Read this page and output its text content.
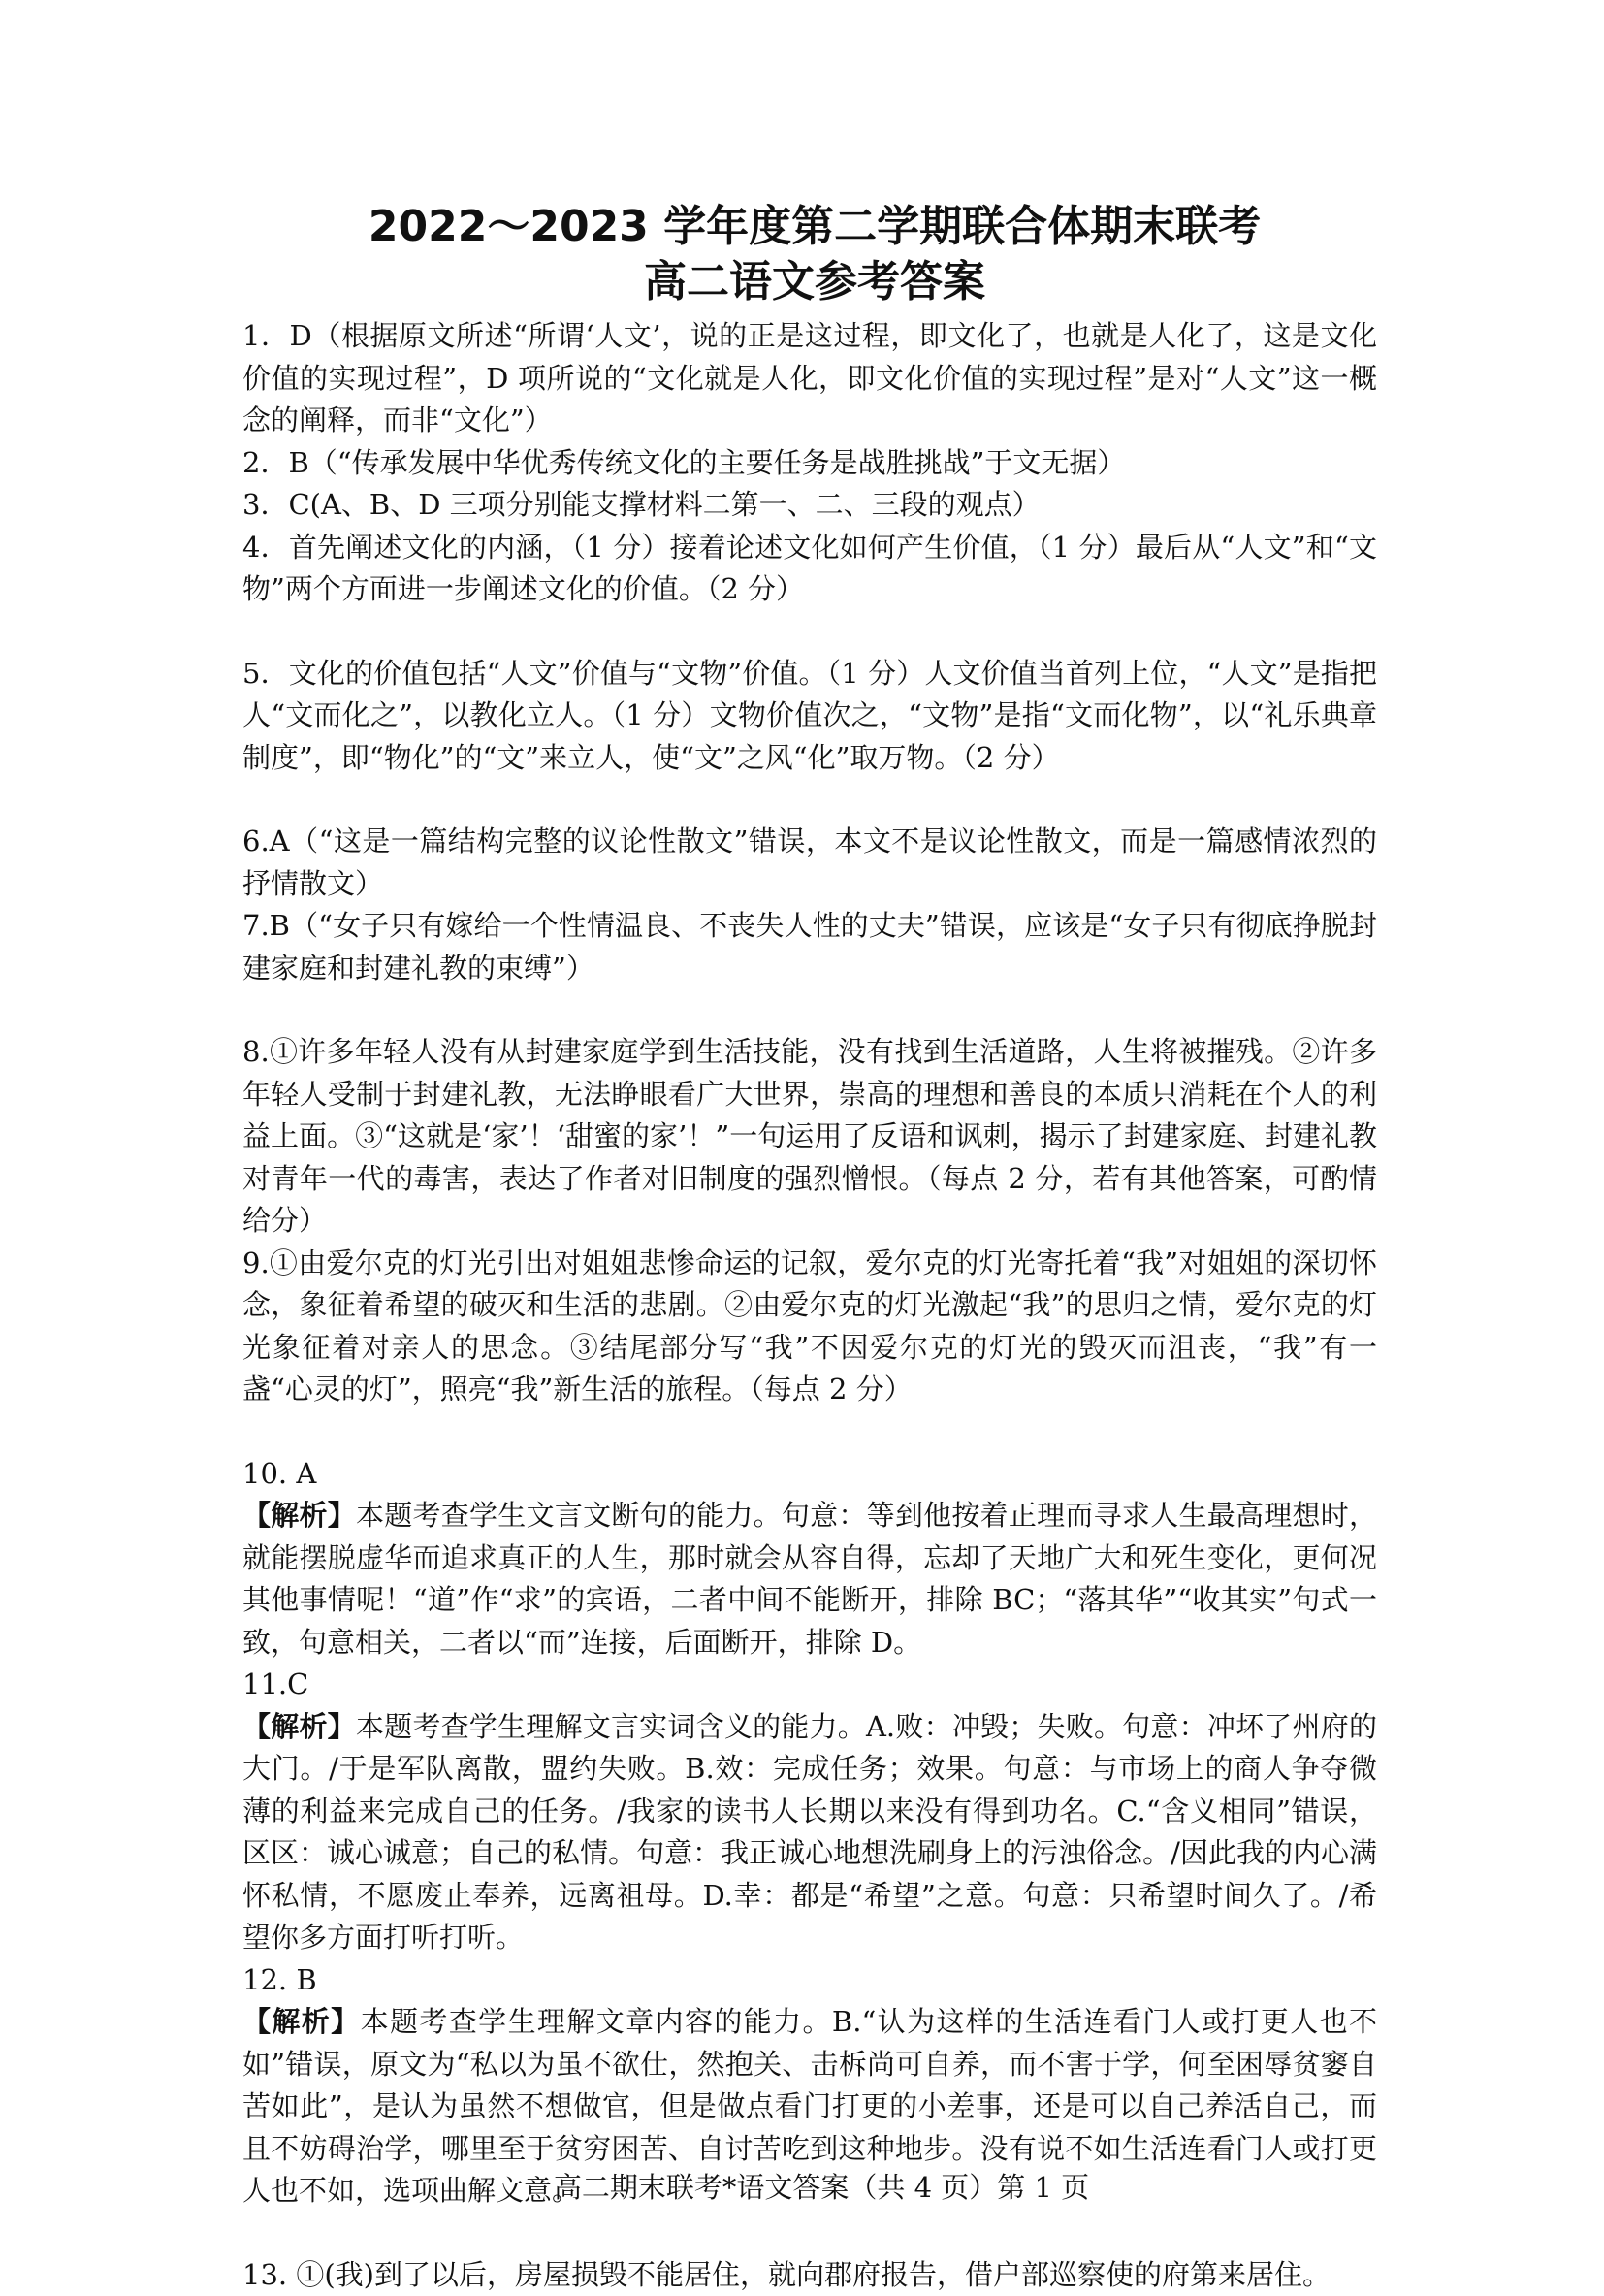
2022～2023 学年度第二学期联合体期末联考
高二语文参考答案

1．D（根据原文所述“所谓‘人文’，说的正是这过程，即文化了，也就是人化了，这是文化价值的实现过程”，D 项所说的“文化就是人化，即文化价值的实现过程”是对“人文”这一概念的阐释，而非“文化”）

2．B（“传承发展中华优秀传统文化的主要任务是战胜挑战”于文无据）

3．C(A、B、D 三项分别能支撑材料二第一、二、三段的观点）

4．首先阐述文化的内涵，（1 分）接着论述文化如何产生价值，（1 分）最后从“人文”和“文物”两个方面进一步阐述文化的价值。（2 分）

5．文化的价值包括“人文”价值与“文物”价值。（1 分）人文价值当首列上位，“人文”是指把人“文而化之”，以教化立人。（1 分）文物价值次之，“文物”是指“文而化物”，以“礼乐典章制度”，即“物化”的“文”来立人，使“文”之风“化”取万物。（2 分）

6.A（“这是一篇结构完整的议论性散文”错误，本文不是议论性散文，而是一篇感情浓烈的抒情散文）

7.B（“女子只有嫁给一个性情温良、不丧失人性的丈夫”错误，应该是“女子只有彻底挣脱封建家庭和封建礼教的束缚”）

8.①许多年轻人没有从封建家庭学到生活技能，没有找到生活道路，人生将被摧残。②许多年轻人受制于封建礼教，无法睁眼看广大世界，崇高的理想和善良的本质只消耗在个人的利益上面。③“这就是‘家’！‘甜蜜的家’！”一句运用了反语和讽刺，揭示了封建家庭、封建礼教对青年一代的毒害，表达了作者对旧制度的强烈憎恨。（每点 2 分，若有其他答案，可酌情给分）

9.①由爱尔克的灯光引出对姐姐悲惨命运的记叙，爱尔克的灯光寄托着“我”对姐姐的深切怀念，象征着希望的破灭和生活的悲剧。②由爱尔克的灯光激起“我”的思归之情，爱尔克的灯光象征着对亲人的思念。③结尾部分写“我”不因爱尔克的灯光的毁灭而沮丧，“我”有一盏“心灵的灯”，照亮“我”新生活的旅程。（每点 2 分）

10. A

【解析】本题考查学生文言文断句的能力。句意：等到他按着正理而寻求人生最高理想时，就能摆脱虚华而追求真正的人生，那时就会从容自得，忘却了天地广大和死生变化，更何况其他事情呢！“道”作“求”的宾语，二者中间不能断开，排除 BC；“落其华”“收其实”句式一致，句意相关，二者以“而”连接，后面断开，排除 D。

11.C

【解析】本题考查学生理解文言实词含义的能力。A.败：冲毁；失败。句意：冲坏了州府的大门。/于是军队离散，盟约失败。B.效：完成任务；效果。句意：与市场上的商人争夺微薄的利益来完成自己的任务。/我家的读书人长期以来没有得到功名。C.“含义相同”错误，区区：诚心诚意；自己的私情。句意：我正诚心地想洗刷身上的污浊俗念。/因此我的内心满怀私情，不愿废止奉养，远离祖母。D.幸：都是“希望”之意。句意：只希望时间久了。/希望你多方面打听打听。

12. B

【解析】本题考查学生理解文章内容的能力。B.“认为这样的生活连看门人或打更人也不如”错误，原文为“私以为虽不欲仕，然抱关、击柝尚可自养，而不害于学，何至困辱贫窭自苦如此”，是认为虽然不想做官，但是做点看门打更的小差事，还是可以自己养活自己，而且不妨碍治学，哪里至于贫穷困苦、自讨苦吃到这种地步。没有说不如生活连看门人或打更人也不如，选项曲解文意。

13. ①(我)到了以后，房屋损毁不能居住，就向郡府报告，借户部巡察使的府第来居住。

高二期末联考*语文答案（共 4 页）第 1 页
